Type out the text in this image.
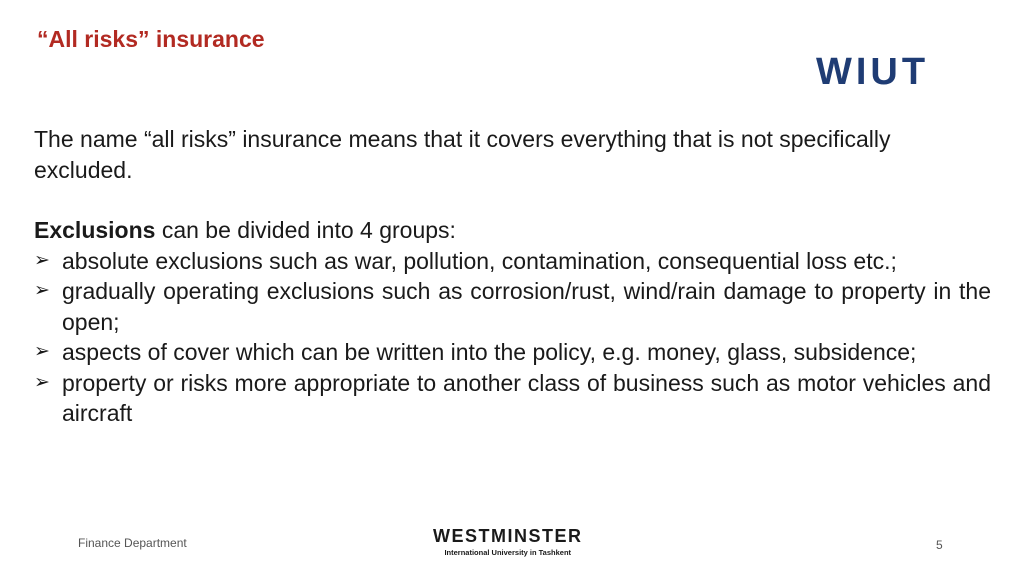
“All risks” insurance
WIUT

The name “all risks” insurance means that it covers everything that is not specifically excluded.

Exclusions can be divided into 4 groups:

➢ absolute exclusions such as war, pollution, contamination, consequential loss etc.;
➢ gradually operating exclusions such as corrosion/rust, wind/rain damage to property in the open;
➢ aspects of cover which can be written into the policy, e.g. money, glass, subsidence;
➢ property or risks more appropriate to another class of business such as motor vehicles and aircraft
Finance Department	WESTMINSTER
International University in Tashkent
5
